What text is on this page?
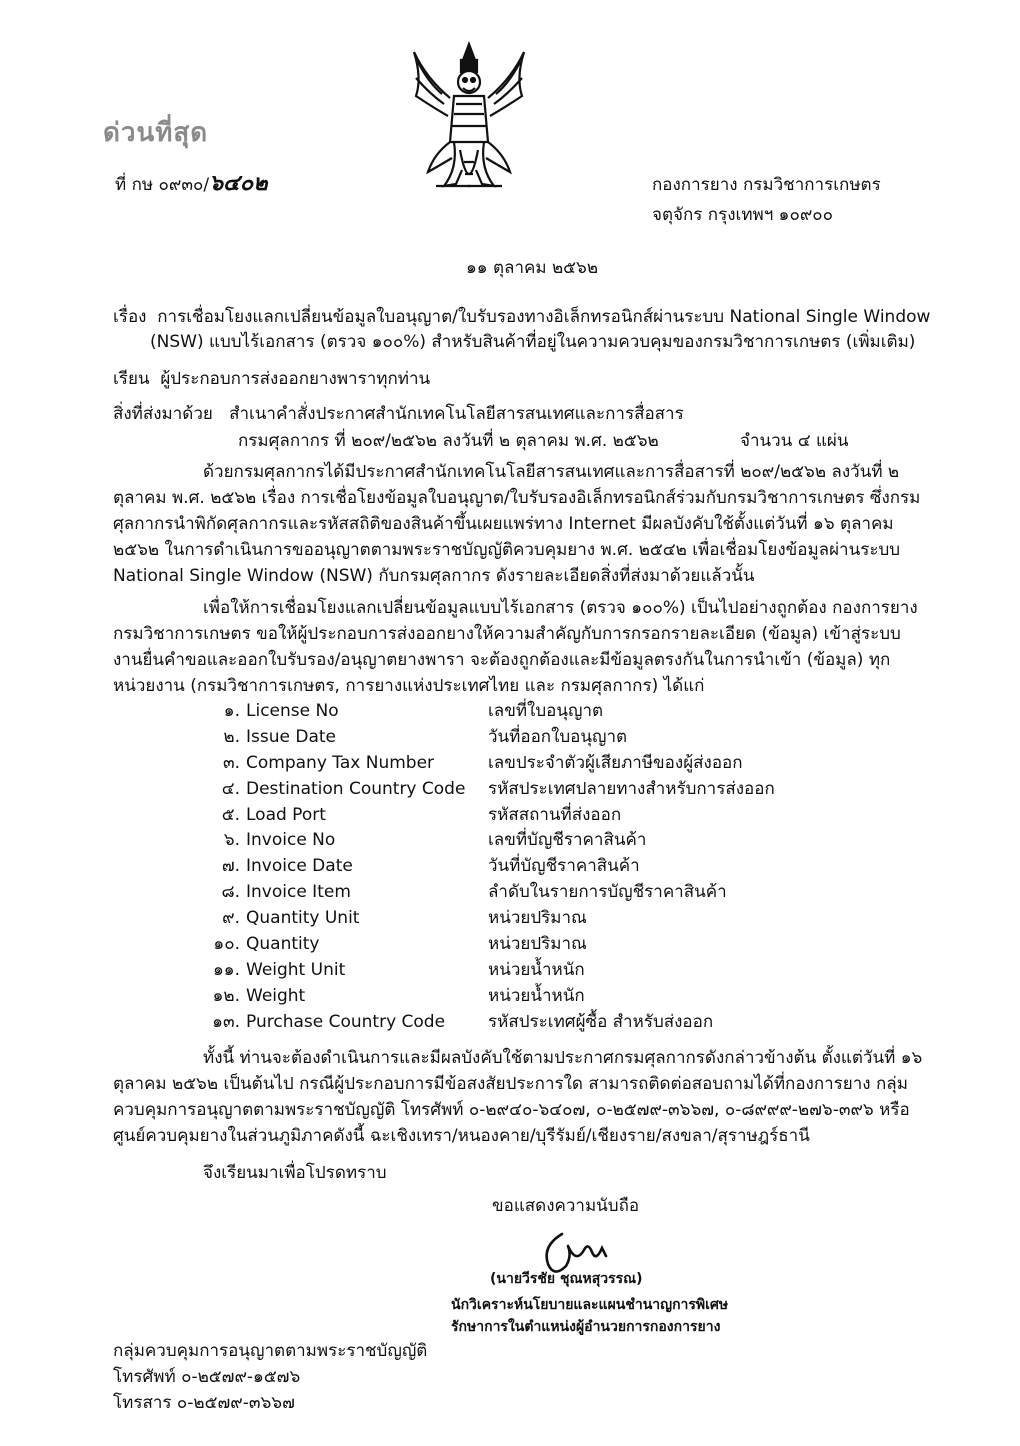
ด่วนที่สุด
ที่ กษ ๐๙๓๐/๖๔๐๒	กองการยาง กรมวิชาการเกษตร
จตุจักร กรุงเทพฯ ๑๐๙๐๐
๑๑ ตุลาคม ๒๕๖๒
เรื่อง การเชื่อมโยงแลกเปลี่ยนข้อมูลใบอนุญาต/ใบรับรองทางอิเล็กทรอนิกส์ผ่านระบบ National Single Window
(NSW) แบบไร้เอกสาร (ตรวจ ๑๐๐%) สำหรับสินค้าที่อยู่ในความควบคุมของกรมวิชาการเกษตร (เพิ่มเติม)
เรียน ผู้ประกอบการส่งออกยางพาราทุกท่าน
สิ่งที่ส่งมาด้วย สำเนาคำสั่งประกาศสำนักเทคโนโลยีสารสนเทศและการสื่อสาร
กรมศุลกากร ที่ ๒๐๙/๒๕๖๒ ลงวันที่ ๒ ตุลาคม พ.ศ. ๒๕๖๒	จำนวน ๔ แผ่น
ด้วยกรมศุลกากรได้มีประกาศสำนักเทคโนโลยีสารสนเทศและการสื่อสารที่ ๒๐๙/๒๕๖๒ ลงวันที่ ๒ ตุลาคม พ.ศ. ๒๕๖๒ เรื่อง การเชื่อโยงข้อมูลใบอนุญาต/ใบรับรองอิเล็กทรอนิกส์ร่วมกับกรมวิชาการเกษตร ซึ่งกรมศุลกากรนำพิกัดศุลกากรและรหัสสถิติของสินค้าขึ้นเผยแพร่ทาง Internet มีผลบังคับใช้ตั้งแต่วันที่ ๑๖ ตุลาคม ๒๕๖๒ ในการดำเนินการขออนุญาตตามพระราชบัญญัติควบคุมยาง พ.ศ. ๒๕๔๒ เพื่อเชื่อมโยงข้อมูลผ่านระบบ National Single Window (NSW) กับกรมศุลกากร ดังรายละเอียดสิ่งที่ส่งมาด้วยแล้วนั้น
เพื่อให้การเชื่อมโยงแลกเปลี่ยนข้อมูลแบบไร้เอกสาร (ตรวจ ๑๐๐%) เป็นไปอย่างถูกต้อง กองการยาง กรมวิชาการเกษตร ขอให้ผู้ประกอบการส่งออกยางให้ความสำคัญกับการกรอกรายละเอียด (ข้อมูล) เข้าสู่ระบบงานยื่นคำขอและออกใบรับรอง/อนุญาตยางพารา จะต้องถูกต้องและมีข้อมูลตรงกันในการนำเข้า (ข้อมูล) ทุกหน่วยงาน (กรมวิชาการเกษตร, การยางแห่งประเทศไทย และ กรมศุลกากร) ได้แก่
๑. License No	เลขที่ใบอนุญาต
๒. Issue Date	วันที่ออกใบอนุญาต
๓. Company Tax Number	เลขประจำตัวผู้เสียภาษีของผู้ส่งออก
๔. Destination Country Code	รหัสประเทศปลายทางสำหรับการส่งออก
๕. Load Port	รหัสสถานที่ส่งออก
๖. Invoice No	เลขที่บัญชีราคาสินค้า
๗. Invoice Date	วันที่บัญชีราคาสินค้า
๘. Invoice Item	ลำดับในรายการบัญชีราคาสินค้า
๙. Quantity Unit	หน่วยปริมาณ
๑๐. Quantity	หน่วยปริมาณ
๑๑. Weight Unit	หน่วยน้ำหนัก
๑๒. Weight	หน่วยน้ำหนัก
๑๓. Purchase Country Code	รหัสประเทศผู้ซื้อ สำหรับส่งออก
ทั้งนี้ ท่านจะต้องดำเนินการและมีผลบังคับใช้ตามประกาศกรมศุลกากรดังกล่าวข้างต้น ตั้งแต่วันที่ ๑๖ ตุลาคม ๒๕๖๒ เป็นต้นไป กรณีผู้ประกอบการมีข้อสงสัยประการใด สามารถติดต่อสอบถามได้ที่กองการยาง กลุ่มควบคุมการอนุญาตตามพระราชบัญญัติ โทรศัพท์ ๐-๒๙๔๐-๖๔๐๗, ๐-๒๕๗๙-๓๖๖๗, ๐-๘๙๙๙-๒๗๖-๓๙๖ หรือ ศูนย์ควบคุมยางในส่วนภูมิภาคดังนี้ ฉะเชิงเทรา/หนองคาย/บุรีรัมย์/เชียงราย/สงขลา/สุราษฎร์ธานี
จึงเรียนมาเพื่อโปรดทราบ
ขอแสดงความนับถือ
(นายวีรชัย ชุณหสุวรรณ)
นักวิเคราะห์นโยบายและแผนชำนาญการพิเศษ
รักษาการในตำแหน่งผู้อำนวยการกองการยาง
กลุ่มควบคุมการอนุญาตตามพระราชบัญญัติ
โทรศัพท์ ๐-๒๕๗๙-๑๕๗๖
โทรสาร ๐-๒๕๗๙-๓๖๖๗
